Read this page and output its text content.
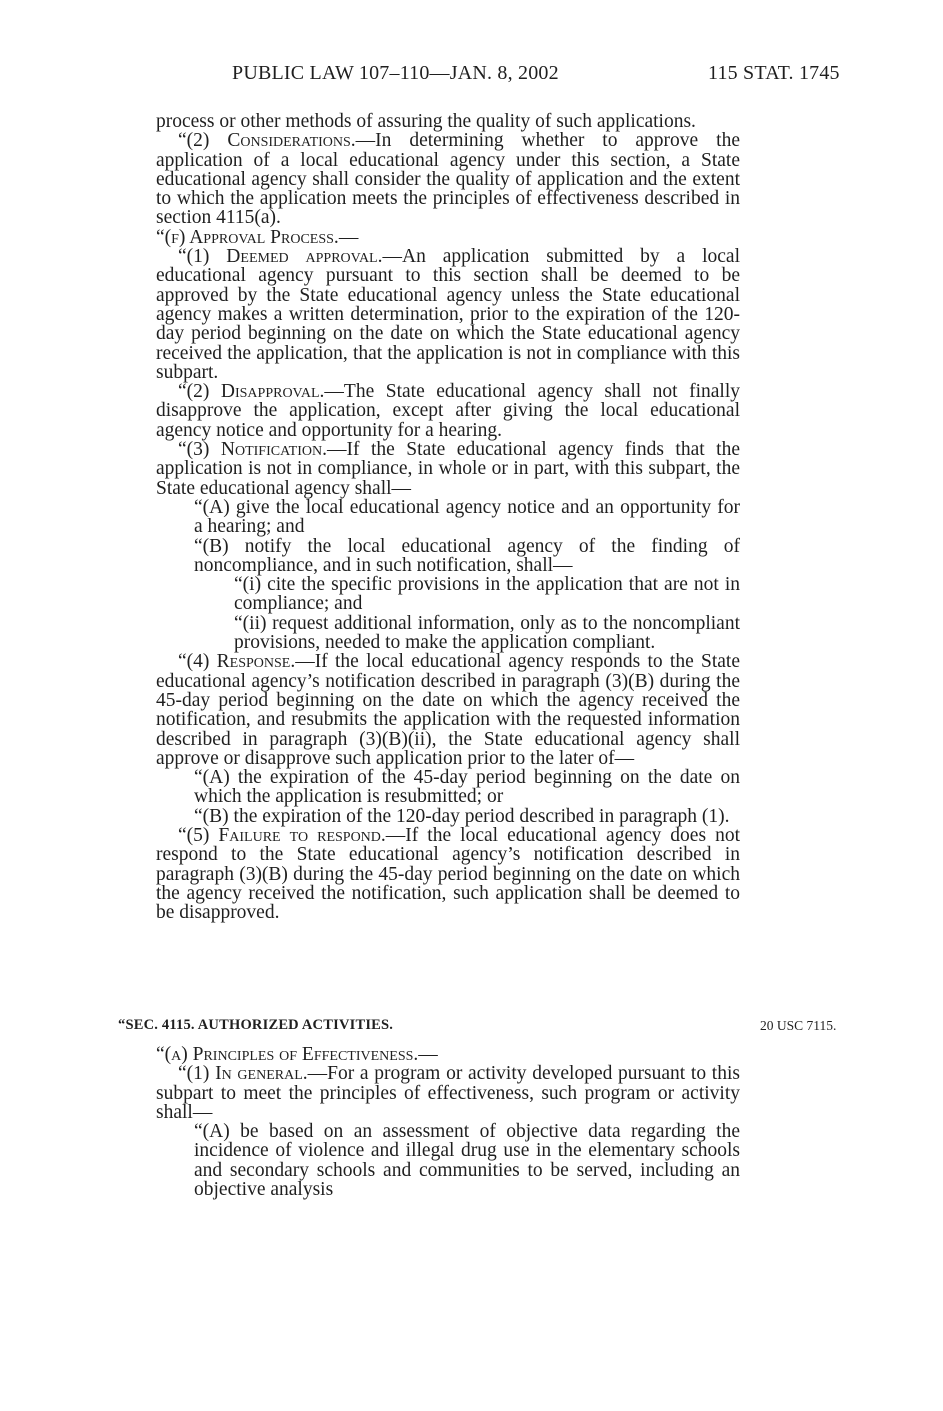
PUBLIC LAW 107–110—JAN. 8, 2002	115 STAT. 1745

process or other methods of assuring the quality of such applications.

“(2) Considerations.—In determining whether to approve the application of a local educational agency under this section, a State educational agency shall consider the quality of application and the extent to which the application meets the principles of effectiveness described in section 4115(a).

“(f) Approval Process.—

“(1) Deemed approval.—An application submitted by a local educational agency pursuant to this section shall be deemed to be approved by the State educational agency unless the State educational agency makes a written determination, prior to the expiration of the 120-day period beginning on the date on which the State educational agency received the application, that the application is not in compliance with this subpart.

“(2) Disapproval.—The State educational agency shall not finally disapprove the application, except after giving the local educational agency notice and opportunity for a hearing.

“(3) Notification.—If the State educational agency finds that the application is not in compliance, in whole or in part, with this subpart, the State educational agency shall—

“(A) give the local educational agency notice and an opportunity for a hearing; and

“(B) notify the local educational agency of the finding of noncompliance, and in such notification, shall—

“(i) cite the specific provisions in the application that are not in compliance; and

“(ii) request additional information, only as to the noncompliant provisions, needed to make the application compliant.

“(4) Response.—If the local educational agency responds to the State educational agency’s notification described in paragraph (3)(B) during the 45-day period beginning on the date on which the agency received the notification, and resubmits the application with the requested information described in paragraph (3)(B)(ii), the State educational agency shall approve or disapprove such application prior to the later of—

“(A) the expiration of the 45-day period beginning on the date on which the application is resubmitted; or

“(B) the expiration of the 120-day period described in paragraph (1).

“(5) Failure to respond.—If the local educational agency does not respond to the State educational agency’s notification described in paragraph (3)(B) during the 45-day period beginning on the date on which the agency received the notification, such application shall be deemed to be disapproved.

“SEC. 4115. AUTHORIZED ACTIVITIES.	20 USC 7115.

“(a) Principles of Effectiveness.—

“(1) In general.—For a program or activity developed pursuant to this subpart to meet the principles of effectiveness, such program or activity shall—

“(A) be based on an assessment of objective data regarding the incidence of violence and illegal drug use in the elementary schools and secondary schools and communities to be served, including an objective analysis
